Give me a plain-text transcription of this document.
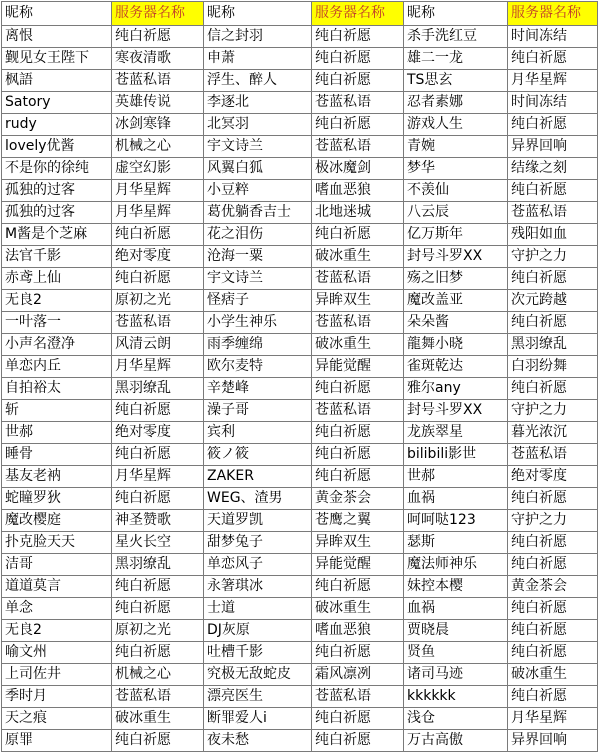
昵称	服务器名称	昵称	服务器名称	昵称	服务器名称
离恨	纯白祈愿	信之封羽	纯白祈愿	杀手洗红豆	时间冻结
觐见女王陛下	寒夜清歌	申萧	纯白祈愿	雄二一龙	纯白祈愿
枫語	苍蓝私语	浮生、醉人	纯白祈愿	TS思玄	月华星辉
Satory	英雄传说	李逐北	苍蓝私语	忍者素娜	时间冻结
rudy	冰剑寒锋	北冥羽	纯白祈愿	游戏人生	纯白祈愿
lovely优酱	机械之心	宇文诗兰	苍蓝私语	青婉	异界回响
不是你的徐纯	虚空幻影	风翼白狐	极冰魔剑	梦华	结缘之刻
孤独的过客	月华星辉	小豆粹	嗜血恶狼	不羡仙	纯白祈愿
孤独的过客	月华星辉	葛优躺香吉士	北地迷城	八云辰	苍蓝私语
M酱是个芝麻	纯白祈愿	花之泪伤	纯白祈愿	亿万斯年	残阳如血
法官千影	绝对零度	沧海一粟	破冰重生	封号斗罗XX	守护之力
赤鸢上仙	纯白祈愿	宇文诗兰	苍蓝私语	殇之旧梦	纯白祈愿
无良2	原初之光	怪痞子	异眸双生	魔改盖亚	次元跨越
一叶落一	苍蓝私语	小学生神乐	苍蓝私语	朵朵酱	纯白祈愿
小声名澄净	风清云朗	雨季缠绵	破冰重生	龍舞小晓	黑羽缭乱
单恋内丘	月华星辉	欧尔麦特	异能觉醒	雀斑乾达	白羽纷舞
自拍裕太	黑羽缭乱	辛楚峰	纯白祈愿	雅尔any	纯白祈愿
斩	纯白祈愿	澡子哥	苍蓝私语	封号斗罗XX	守护之力
世郝	绝对零度	宾利	纯白祈愿	龙族翠星	暮光浓沉
睡骨	纯白祈愿	筱ノ筱	纯白祈愿	bilibili影世	苍蓝私语
基友老衲	月华星辉	ZAKER	纯白祈愿	世郝	绝对零度
蛇瞳罗狄	纯白祈愿	WEG、渣男	黄金茶会	血祸	纯白祈愿
魔改樱庭	神圣赞歌	天道罗凯	苍鹰之翼	呵呵哒123	守护之力
扑克脸天天	星火长空	甜梦兔子	异眸双生	瑟斯	纯白祈愿
洁哥	黑羽缭乱	单恋风子	异能觉醒	魔法师神乐	纯白祈愿
道道莫言	纯白祈愿	永箸琪冰	纯白祈愿	妹控本樱	黄金茶会
单念	纯白祈愿	士道	破冰重生	血祸	纯白祈愿
无良2	原初之光	DJ灰原	嗜血恶狼	贾晓晨	纯白祈愿
喻文州	纯白祈愿	吐槽千影	纯白祈愿	贤鱼	纯白祈愿
上司佐井	机械之心	究极无敌蛇皮	霜风凛冽	诸司马迹	破冰重生
季时月	苍蓝私语	漂亮医生	苍蓝私语	kkkkkk	纯白祈愿
天之痕	破冰重生	断罪爱人i	纯白祈愿	浅仓	月华星辉
原罪	纯白祈愿	夜未愁	纯白祈愿	万古高傲	异界回响
